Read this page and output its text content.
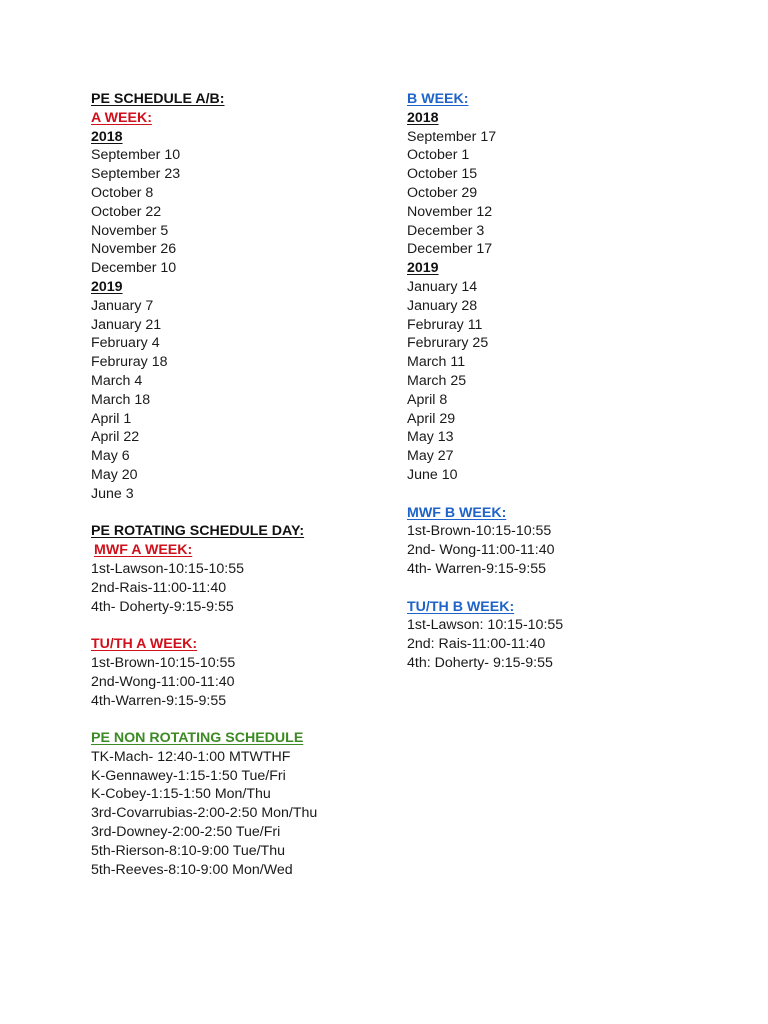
PE SCHEDULE A/B:
A WEEK:
2018
September 10
September 23
October 8
October 22
November 5
November 26
December 10
2019
January 7
January 21
February 4
Februray 18
March 4
March 18
April 1
April 22
May 6
May 20
June 3
PE ROTATING SCHEDULE DAY:
MWF A WEEK:
1st-Lawson-10:15-10:55
2nd-Rais-11:00-11:40
4th- Doherty-9:15-9:55
TU/TH A WEEK:
1st-Brown-10:15-10:55
2nd-Wong-11:00-11:40
4th-Warren-9:15-9:55
PE NON ROTATING SCHEDULE
TK-Mach- 12:40-1:00 MTWTHF
K-Gennawey-1:15-1:50 Tue/Fri
K-Cobey-1:15-1:50 Mon/Thu
3rd-Covarrubias-2:00-2:50 Mon/Thu
3rd-Downey-2:00-2:50 Tue/Fri
5th-Rierson-8:10-9:00 Tue/Thu
5th-Reeves-8:10-9:00 Mon/Wed
B WEEK:
2018
September 17
October 1
October 15
October 29
November 12
December 3
December 17
2019
January 14
January 28
Februray 11
Februrary 25
March 11
March 25
April 8
April 29
May 13
May 27
June 10
MWF B WEEK:
1st-Brown-10:15-10:55
2nd- Wong-11:00-11:40
4th- Warren-9:15-9:55
TU/TH B WEEK:
1st-Lawson: 10:15-10:55
2nd: Rais-11:00-11:40
4th: Doherty- 9:15-9:55
